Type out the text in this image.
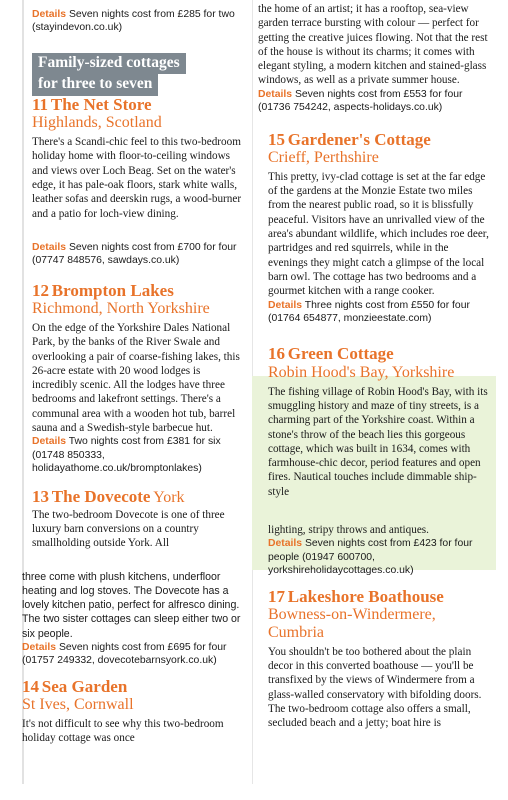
Details Seven nights cost from £285 for two (stayindevon.co.uk)

Family-sized cottages
for three to seven
11 The Net Store
Highlands, Scotland

There's a Scandi-chic feel to this two-bedroom holiday home with floor-to-ceiling windows and views over Loch Beag. Set on the water's edge, it has pale-oak floors, stark white walls, leather sofas and deerskin rugs, a wood-burner and a patio for loch-view dining.

Details Seven nights cost from £700 for four (07747 848576, sawdays.co.uk)

12 Brompton Lakes
Richmond, North Yorkshire

On the edge of the Yorkshire Dales National Park, by the banks of the River Swale and overlooking a pair of coarse-fishing lakes, this 26-acre estate with 20 wood lodges is incredibly scenic. All the lodges have three bedrooms and lakefront settings. There's a communal area with a wooden hot tub, barrel sauna and a Swedish-style barbecue hut.

Details Two nights cost from £381 for six (01748 850333, holidayathome.co.uk/bromptonlakes)

13 The Dovecote York

The two-bedroom Dovecote is one of three luxury barn conversions on a country smallholding outside York. All

three come with plush kitchens, underfloor heating and log stoves. The Dovecote has a lovely kitchen patio, perfect for alfresco dining. The two sister cottages can sleep either two or six people.

Details Seven nights cost from £695 for four (01757 249332, dovecotebarnsyork.co.uk)

14 Sea Garden
St Ives, Cornwall

It's not difficult to see why this two-bedroom holiday cottage was once

the home of an artist; it has a rooftop, sea-view garden terrace bursting with colour — perfect for getting the creative juices flowing. Not that the rest of the house is without its charms; it comes with elegant styling, a modern kitchen and stained-glass windows, as well as a private summer house.

Details Seven nights cost from £553 for four (01736 754242, aspects-holidays.co.uk)

15 Gardener's Cottage
Crieff, Perthshire

This pretty, ivy-clad cottage is set at the far edge of the gardens at the Monzie Estate two miles from the nearest public road, so it is blissfully peaceful. Visitors have an unrivalled view of the area's abundant wildlife, which includes roe deer, partridges and red squirrels, while in the evenings they might catch a glimpse of the local barn owl. The cottage has two bedrooms and a gourmet kitchen with a range cooker.

Details Three nights cost from £550 for four (01764 654877, monzieestate.com)

16 Green Cottage
Robin Hood's Bay, Yorkshire

The fishing village of Robin Hood's Bay, with its smuggling history and maze of tiny streets, is a charming part of the Yorkshire coast. Within a stone's throw of the beach lies this gorgeous cottage, which was built in 1634, comes with farmhouse-chic decor, period features and open fires. Nautical touches include dimmable ship-style

lighting, stripy throws and antiques.

Details Seven nights cost from £423 for four people (01947 600700, yorkshireholidaycottages.co.uk)

17 Lakeshore Boathouse
Bowness-on-Windermere, Cumbria

You shouldn't be too bothered about the plain decor in this converted boathouse — you'll be transfixed by the views of Windermere from a glass-walled conservatory with bifolding doors. The two-bedroom cottage also offers a small, secluded beach and a jetty; boat hire is
